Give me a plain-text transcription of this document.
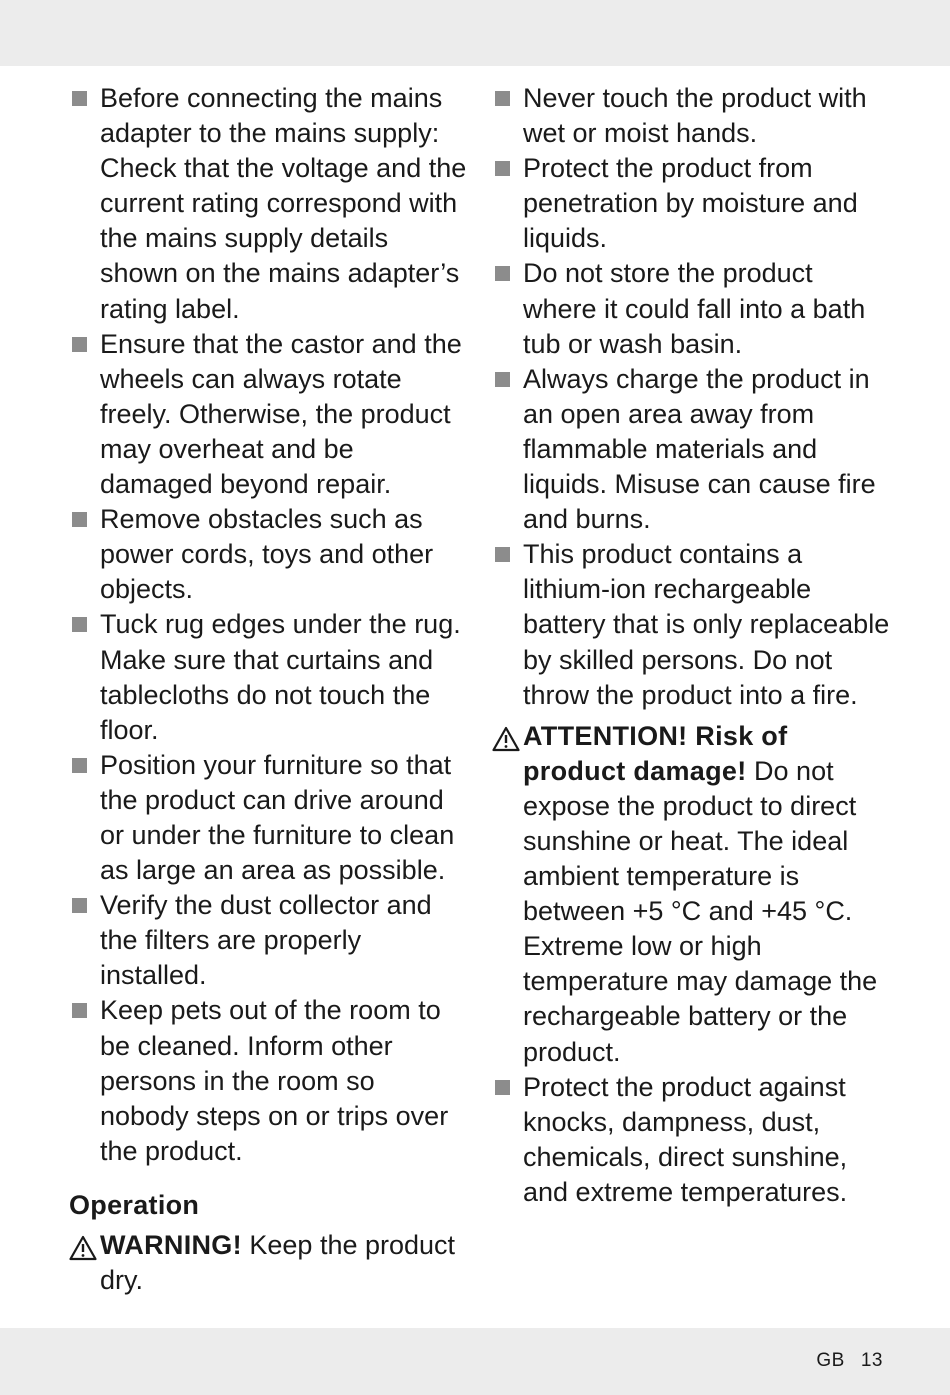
Before connecting the mains adapter to the mains supply: Check that the voltage and the current rating correspond with the mains supply details shown on the mains adapter’s rating label.
Ensure that the castor and the wheels can always rotate freely. Otherwise, the product may overheat and be damaged beyond repair.
Remove obstacles such as power cords, toys and other objects.
Tuck rug edges under the rug. Make sure that curtains and tablecloths do not touch the floor.
Position your furniture so that the product can drive around or under the furniture to clean as large an area as possible.
Verify the dust collector and the filters are properly installed.
Keep pets out of the room to be cleaned. Inform other persons in the room so nobody steps on or trips over the product.
Operation
WARNING! Keep the product dry.
Never touch the product with wet or moist hands.
Protect the product from penetration by moisture and liquids.
Do not store the product where it could fall into a bath tub or wash basin.
Always charge the product in an open area away from flammable materials and liquids. Misuse can cause fire and burns.
This product contains a lithium-ion rechargeable battery that is only replaceable by skilled persons. Do not throw the product into a fire.
ATTENTION! Risk of product damage! Do not expose the product to direct sunshine or heat. The ideal ambient temperature is between +5 °C and +45 °C. Extreme low or high temperature may damage the rechargeable battery or the product.
Protect the product against knocks, dampness, dust, chemicals, direct sunshine, and extreme temperatures.
GB 13
